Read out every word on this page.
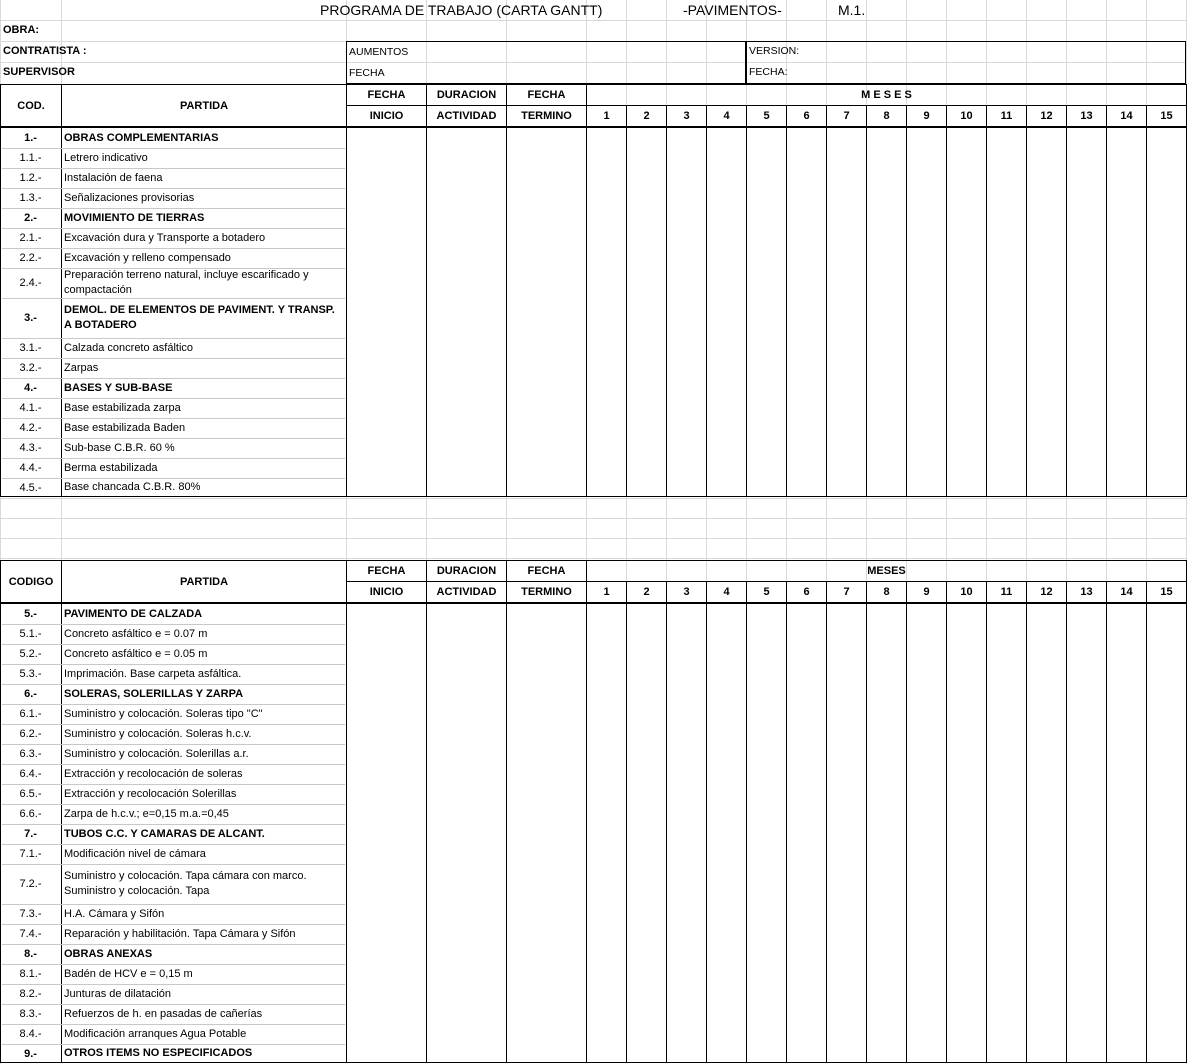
PROGRAMA DE TRABAJO (CARTA GANTT)	-PAVIMENTOS-	M.1.
OBRA:
CONTRATISTA :
SUPERVISOR
AUMENTOS
FECHA
VERSION:
FECHA:
COD.	PARTIDA
FECHA
INICIO
DURACION
ACTIVIDAD
FECHA
TERMINO
M E S E S
1	2	3	4	5	6	7	8	9	10	11	12	13	14	15
1.-	OBRAS COMPLEMENTARIAS
1.1.-	Letrero indicativo
1.2.-	Instalación de faena
1.3.-	Señalizaciones provisorias
2.-	MOVIMIENTO DE TIERRAS
2.1.-	Excavación dura y Transporte a botadero
2.2.-	Excavación y relleno compensado
2.4.-
Preparación terreno natural, incluye escarificado y compactación
3.-
DEMOL. DE ELEMENTOS DE PAVIMENT. Y TRANSP. A BOTADERO
3.1.-	Calzada concreto asfáltico
3.2.-	Zarpas
4.-	BASES Y SUB-BASE
4.1.-	Base estabilizada zarpa
4.2.-	Base estabilizada Baden
4.3.-	Sub-base C.B.R. 60 %
4.4.-	Berma estabilizada
4.5.-	Base chancada C.B.R. 80%
CODIGO	PARTIDA
FECHA
INICIO
DURACION
ACTIVIDAD
FECHA
TERMINO
MESES
1	2	3	4	5	6	7	8	9	10	11	12	13	14	15
5.-	PAVIMENTO DE CALZADA
5.1.-	Concreto asfáltico e = 0.07 m
5.2.-	Concreto asfáltico e = 0.05 m
5.3.-	Imprimación. Base carpeta asfáltica.
6.-	SOLERAS, SOLERILLAS Y ZARPA
6.1.-	Suministro y colocación. Soleras tipo "C"
6.2.-	Suministro y colocación. Soleras h.c.v.
6.3.-	Suministro y colocación. Solerillas a.r.
6.4.-	Extracción y recolocación de soleras
6.5.-	Extracción y recolocación Solerillas
6.6.-	Zarpa de h.c.v.; e=0,15 m.a.=0,45
7.-	TUBOS C.C. Y CAMARAS DE ALCANT.
7.1.-	Modificación nivel de cámara
7.2.-
Suministro y colocación. Tapa cámara con marco. Suministro y colocación. Tapa
7.3.-	H.A. Cámara y Sifón
7.4.-	Reparación y habilitación. Tapa Cámara y Sifón
8.-	OBRAS ANEXAS
8.1.-	Badén de HCV e = 0,15 m
8.2.-	Junturas de dilatación
8.3.-	Refuerzos de h. en pasadas de cañerías
8.4.-	Modificación arranques Agua Potable
9.-	OTROS ITEMS NO ESPECIFICADOS
